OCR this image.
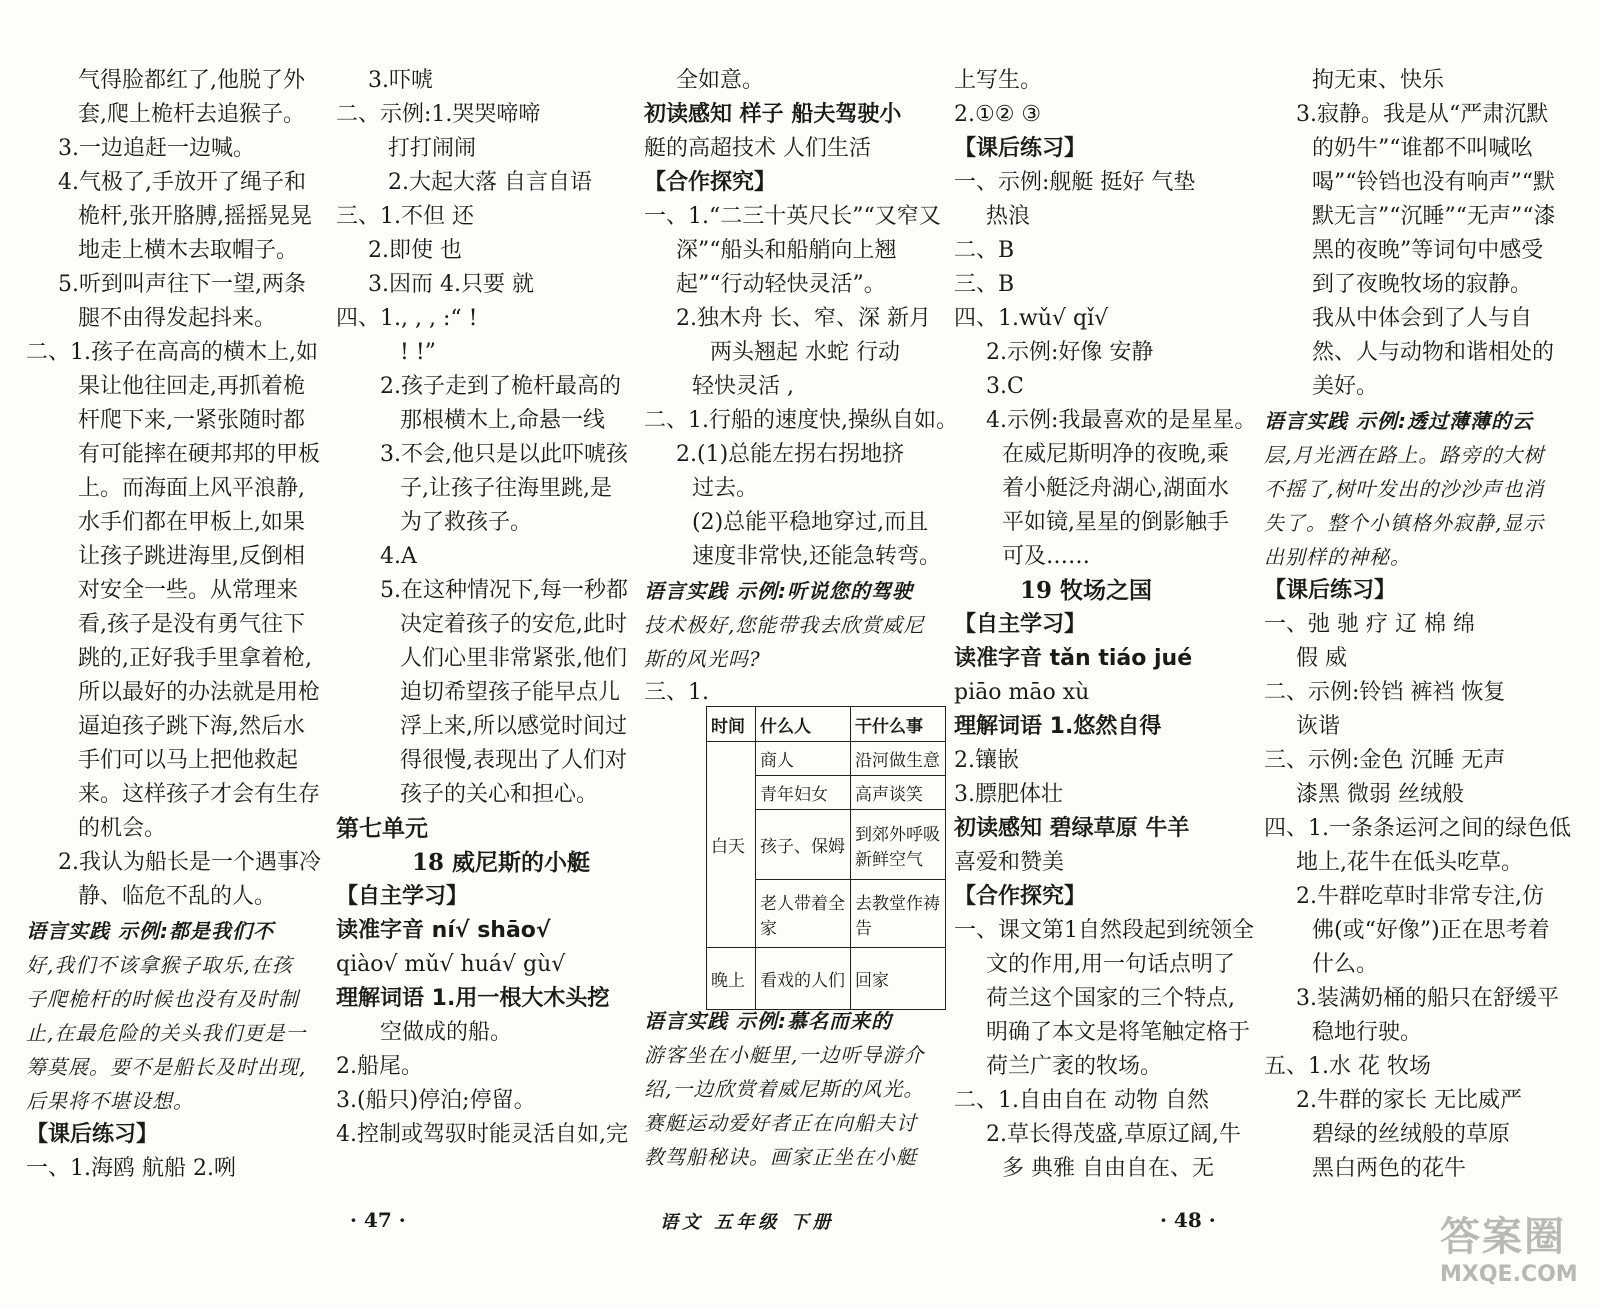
气得脸都红了,他脱了外
套,爬上桅杆去追猴子。
3.一边追赶一边喊。
4.气极了,手放开了绳子和
桅杆,张开胳膊,摇摇晃晃
地走上横木去取帽子。
5.听到叫声往下一望,两条
腿不由得发起抖来。
二、1.孩子在高高的横木上,如
果让他往回走,再抓着桅
杆爬下来,一紧张随时都
有可能摔在硬邦邦的甲板
上。而海面上风平浪静,
水手们都在甲板上,如果
让孩子跳进海里,反倒相
对安全一些。从常理来
看,孩子是没有勇气往下
跳的,正好我手里拿着枪,
所以最好的办法就是用枪
逼迫孩子跳下海,然后水
手们可以马上把他救起
来。这样孩子才会有生存
的机会。
2.我认为船长是一个遇事冷
静、临危不乱的人。
语言实践 示例:都是我们不
好,我们不该拿猴子取乐,在孩
子爬桅杆的时候也没有及时制
止,在最危险的关头我们更是一
筹莫展。要不是船长及时出现,
后果将不堪设想。
【课后练习】
一、1.海鸥 航船 2.咧
3.吓唬
二、示例:1.哭哭啼啼
打打闹闹
2.大起大落 自言自语
三、1.不但 还
2.即使 也
3.因而 4.只要 就
四、1., , , :“ !
! !”
2.孩子走到了桅杆最高的
那根横木上,命悬一线
3.不会,他只是以此吓唬孩
子,让孩子往海里跳,是
为了救孩子。
4.A
5.在这种情况下,每一秒都
决定着孩子的安危,此时
人们心里非常紧张,他们
迫切希望孩子能早点儿
浮上来,所以感觉时间过
得很慢,表现出了人们对
孩子的关心和担心。
第七单元
18 威尼斯的小艇
【自主学习】
读准字音 ní√ shāo√
qiào√ mǔ√ huá√ gù√
理解词语 1.用一根大木头挖
空做成的船。
2.船尾。
3.(船只)停泊;停留。
4.控制或驾驭时能灵活自如,完
全如意。
初读感知 样子 船夫驾驶小
艇的高超技术 人们生活
【合作探究】
一、1.“二三十英尺长”“又窄又
深”“船头和船艄向上翘
起”“行动轻快灵活”。
2.独木舟 长、窄、深 新月
两头翘起 水蛇 行动
轻快灵活 ,
二、1.行船的速度快,操纵自如。
2.(1)总能左拐右拐地挤
过去。
(2)总能平稳地穿过,而且
速度非常快,还能急转弯。
语言实践 示例:听说您的驾驶
技术极好,您能带我去欣赏威尼
斯的风光吗?
三、1.
语言实践 示例:慕名而来的
游客坐在小艇里,一边听导游介
绍,一边欣赏着威尼斯的风光。
赛艇运动爱好者正在向船夫讨
教驾船秘诀。画家正坐在小艇
上写生。
2.①② ③
【课后练习】
一、示例:舰艇 挺好 气垫
热浪
二、B
三、B
四、1.wǔ√ qǐ√
2.示例:好像 安静
3.C
4.示例:我最喜欢的是星星。
在威尼斯明净的夜晚,乘
着小艇泛舟湖心,湖面水
平如镜,星星的倒影触手
可及……
19 牧场之国
【自主学习】
读准字音 tǎn tiáo jué
piāo māo xù
理解词语 1.悠然自得
2.镶嵌
3.膘肥体壮
初读感知 碧绿草原 牛羊
喜爱和赞美
【合作探究】
一、课文第1自然段起到统领全
文的作用,用一句话点明了
荷兰这个国家的三个特点,
明确了本文是将笔触定格于
荷兰广袤的牧场。
二、1.自由自在 动物 自然
2.草长得茂盛,草原辽阔,牛
多 典雅 自由自在、无
拘无束、快乐
3.寂静。我是从“严肃沉默
的奶牛”“谁都不叫喊吆
喝”“铃铛也没有响声”“默
默无言”“沉睡”“无声”“漆
黑的夜晚”等词句中感受
到了夜晚牧场的寂静。
我从中体会到了人与自
然、人与动物和谐相处的
美好。
语言实践 示例:透过薄薄的云
层,月光洒在路上。路旁的大树
不摇了,树叶发出的沙沙声也消
失了。整个小镇格外寂静,显示
出别样的神秘。
【课后练习】
一、弛 驰 疗 辽 棉 绵
假 威
二、示例:铃铛 裤裆 恢复
诙谐
三、示例:金色 沉睡 无声
漆黑 微弱 丝绒般
四、1.一条条运河之间的绿色低
地上,花牛在低头吃草。
2.牛群吃草时非常专注,仿
佛(或“好像”)正在思考着
什么。
3.装满奶桶的船只在舒缓平
稳地行驶。
五、1.水 花 牧场
2.牛群的家长 无比威严
碧绿的丝绒般的草原
黑白两色的花牛
时间	什么人	干什么事
白天	商人	沿河做生意
	青年妇女	高声谈笑
	孩子、保姆	到郊外呼吸新鲜空气
	老人带着全家	去教堂作祷告
晚上	看戏的人们	回家
· 47 ·	语文 五年级 下册	· 48 ·	答案圈
MXQE.COM
